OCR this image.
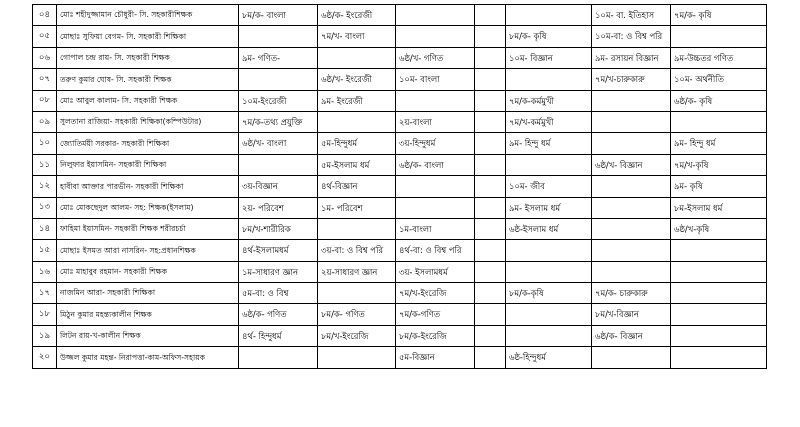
০৪	মোঃ শহীদুজ্জামান চৌধুরী- সি. সহকারীশিক্ষক	৮ম/ক- বাংলা	৬ষ্ঠ/ক- ইংরেজী				১০ম- বা. ইতিহাস	৭ম/ক- কৃষি
০৫	মোছাঃ সুফিয়া বেগম- সি. সহকারী শিক্ষিকা		৭ম/খ- বাংলা			৮ম/ক- কৃষি	১০ম-বা: ও বিশ্ব পরি	
০৬	গোপাল চন্দ্র রায়- সি. সহকারী শিক্ষক	৯ম- গণিত-		৬ষ্ঠ/খ- গণিত		১০ম- বিজ্ঞান	৯ম- রসায়ন বিজ্ঞান	৯ম-উচ্চতর গণিত
০৭	তরুণ কুমার ঘোষ- সি. সহকারী শিক্ষক		৬ষ্ঠ/খ- ইংরেজী	১০ম- বাংলা			৭ম/খ-চারুকারু	১০ম- অর্থনীতি
০৮	মোঃ আবুল কালাম- সি. সহকারী শিক্ষক	১০ম-ইংরেজী	৯ম- ইংরেজী			৭ম/ক-কর্মমুখী		৬ষ্ঠ/ক- কৃষি
০৯	সুলতানা রাজিয়া- সহকারী শিক্ষিকা(কম্পিউটার)	৭ম/ক-তথ্য প্রযুক্তি		২য়-বাংলা		৭ম/খ-কর্মমুখী		
১০	জ্যোতির্ময়ী সরকার- সহকারী শিক্ষিকা	৬ষ্ঠ/খ- বাংলা	৫ম-হিন্দুধর্ম	৩য়-হিন্দুধর্ম		৯ম- হিন্দু ধর্ম		৯ম- হিন্দু ধর্ম
১১	নিলুফার ইয়াসমিন- সহকারী শিক্ষিকা		৫ম-ইসলাম ধর্ম	৬ষ্ঠ/ক- বাংলা			৬ষ্ঠ/খ- বিজ্ঞান	৭ম/খ-কৃষি
১২	হাবীবা আক্তার পারভীন- সহকারী শিক্ষিকা	৩য়-বিজ্ঞান	৪র্থ-বিজ্ঞান			১০ম- জীব		৯ম- কৃষি
১৩	মোঃ মোকছেদুল আলম- সহ: শিক্ষক(ইসলাম)	২য়- পরিবেশ	১ম- পরিবেশ			৯ম- ইসলাম ধর্ম		৮ম-ইসলাম ধর্ম
১৪	ফাহিমা ইয়াসমিন- সহকারী শিক্ষক শরীরচর্চা	৮ম/খ-শারীরিক		১ম-বাংলা		৬ষ্ঠ-ইসলাম ধর্ম		৬ষ্ঠ/খ-কৃষি
১৫	মোছাঃ ইসমত আরা নাসরিন- সহ:প্রধানশিক্ষক	৪র্থ-ইসলামধর্ম	৩য়-বা: ও বিশ্ব পরি	৪র্থ-বা: ও বিশ্ব পরি				
১৬	মোঃ মাহাবুব রহমান- সহকারী শিক্ষক	১ম-সাধারণ জ্ঞান	২য়-সাধারণ জ্ঞান	৩য়- ইসলামধর্ম				
১৭	নাজমিন আরা- সহকারী শিক্ষিকা	৫ম-বা: ও বিশ্ব		৭ম/খ-ইংরেজি		৮ম/ক-কৃষি	৭ম/ক- চারুকারু	
১৮	মিঠুন কুমার মহন্ত্যকালীন শিক্ষক	৬ষ্ঠ/ক- গণিত	৮ম/ক- গণিত	৭ম/ক-গণিত			৮ম/খ-বিজ্ঞান	
১৯	লিটন রায়-খ-কালীন শিক্ষক	৪র্থ- হিন্দুধর্ম	৮ম/খ-ইংরেজি	৮ম/ক-ইংরেজি			৬ষ্ঠ/ক- বিজ্ঞান	
২০	উজ্জল কুমার মহন্ত- নিরাপত্তা-কাম-অফিস-সহায়ক			৫ম-বিজ্ঞান		৬ষ্ঠ-হিন্দুধর্ম		
